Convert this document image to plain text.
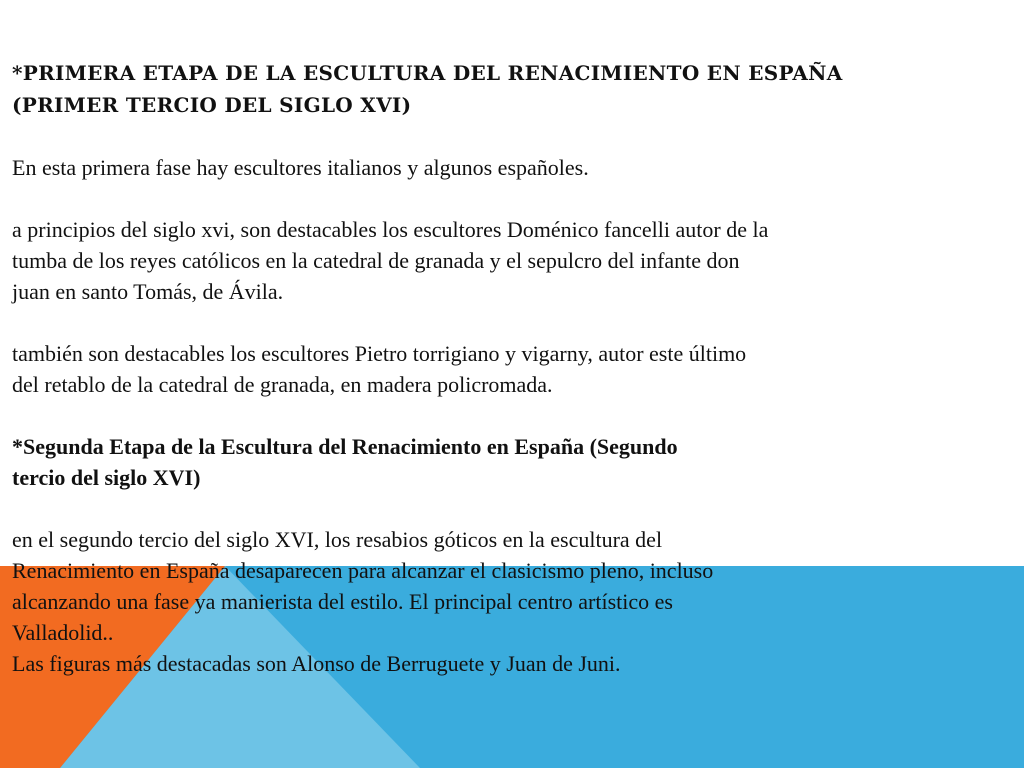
*PRIMERA ETAPA DE LA ESCULTURA DEL RENACIMIENTO EN ESPAÑA

(PRIMER TERCIO DEL SIGLO XVI)

En esta primera fase hay escultores italianos y algunos españoles.

a principios del siglo xvi, son destacables los escultores Doménico fancelli autor de la

tumba de los reyes católicos en la catedral de granada y el sepulcro del infante don

juan en santo Tomás, de Ávila.

también son destacables los escultores Pietro torrigiano y vigarny, autor este último

del retablo de la catedral de granada, en madera policromada.

*Segunda Etapa de la Escultura del Renacimiento en España (Segundo

tercio del siglo XVI)

en el segundo tercio del siglo XVI, los resabios góticos en la escultura del

Renacimiento en España desaparecen para alcanzar el clasicismo pleno, incluso

alcanzando una fase ya manierista del estilo. El principal centro artístico es

Valladolid..

Las figuras más destacadas son Alonso de Berruguete y Juan de Juni.
